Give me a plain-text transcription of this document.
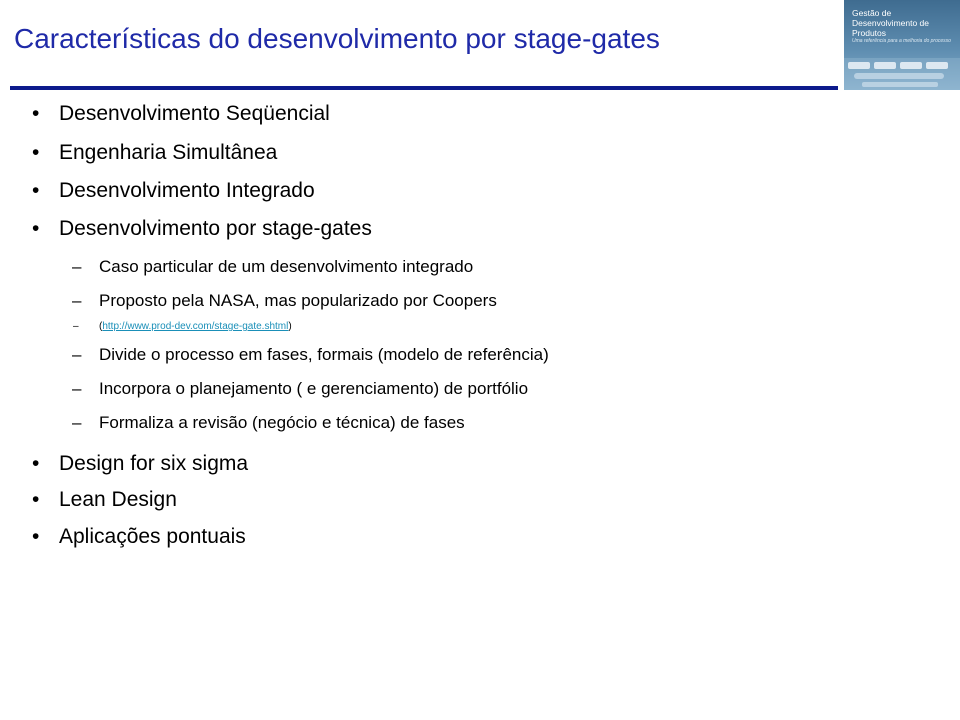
Características do desenvolvimento por stage-gates
Gestão de
Desenvolvimento de Produtos
Uma referência para a melhoria do processo
• Desenvolvimento Seqüencial
• Engenharia Simultânea
• Desenvolvimento Integrado
• Desenvolvimento por stage-gates
– Caso particular de um desenvolvimento integrado
– Proposto pela NASA, mas popularizado por Coopers
– (http://www.prod-dev.com/stage-gate.shtml)
– Divide o processo em fases, formais (modelo de referência)
– Incorpora o planejamento ( e gerenciamento) de portfólio
– Formaliza a revisão (negócio e técnica) de fases
• Design for six sigma
• Lean Design
• Aplicações pontuais
